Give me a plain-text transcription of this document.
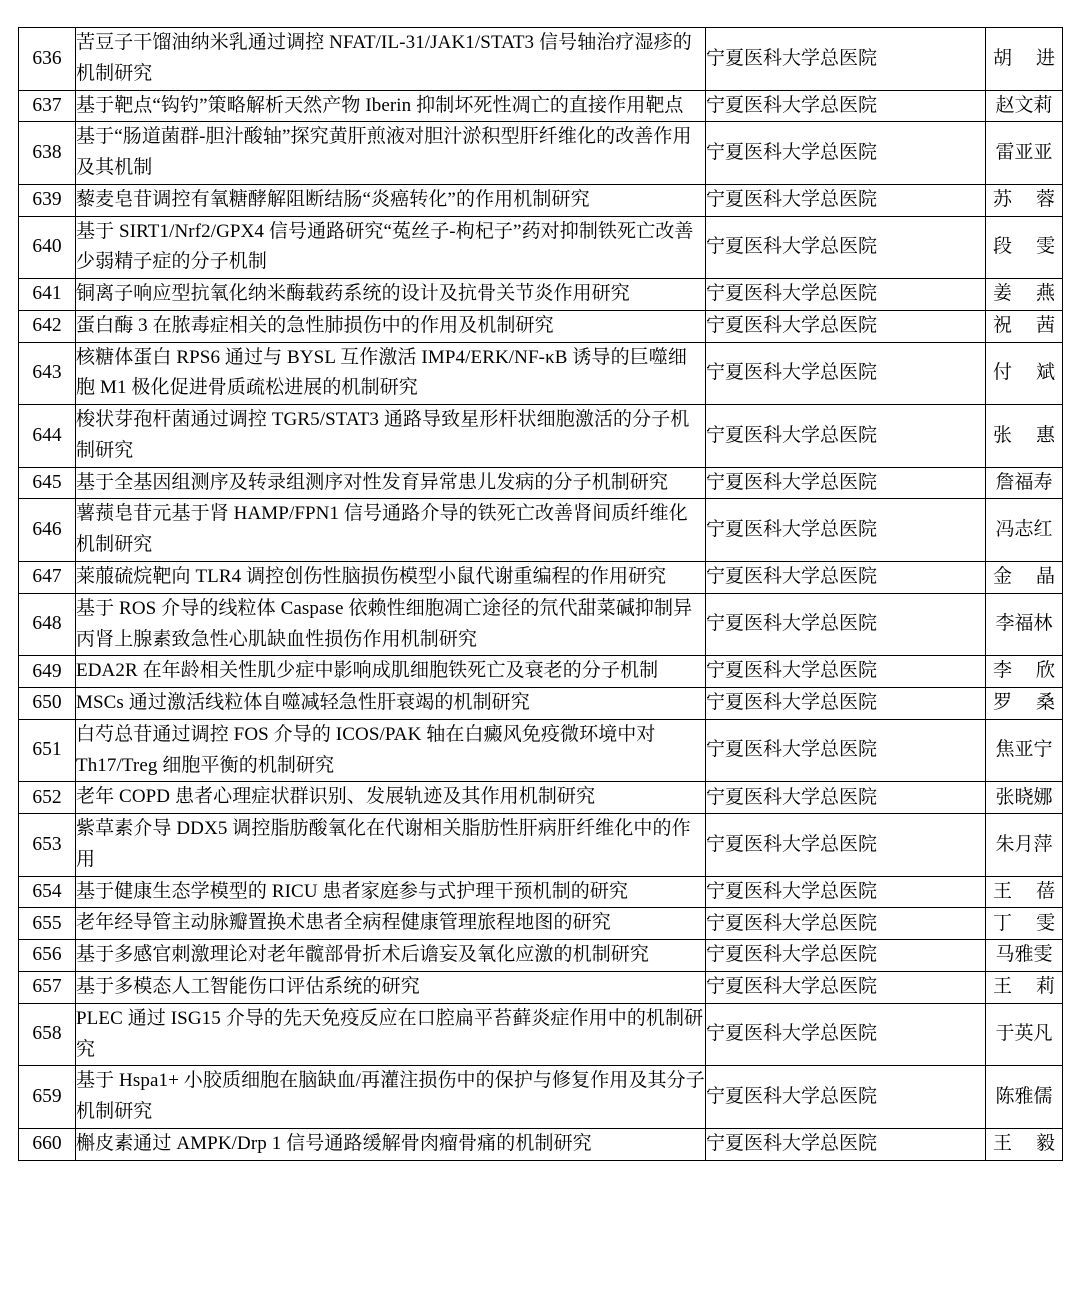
636	苦豆子干馏油纳米乳通过调控 NFAT/IL-31/JAK1/STAT3 信号轴治疗湿疹的机制研究	宁夏医科大学总医院	胡 进
637	基于靶点“钩钓”策略解析天然产物 Iberin 抑制坏死性凋亡的直接作用靶点	宁夏医科大学总医院	赵文莉
638	基于“肠道菌群-胆汁酸轴”探究黄肝煎液对胆汁淤积型肝纤维化的改善作用及其机制	宁夏医科大学总医院	雷亚亚
639	藜麦皂苷调控有氧糖酵解阻断结肠“炎癌转化”的作用机制研究	宁夏医科大学总医院	苏 蓉
640	基于 SIRT1/Nrf2/GPX4 信号通路研究“菟丝子-枸杞子”药对抑制铁死亡改善少弱精子症的分子机制	宁夏医科大学总医院	段 雯
641	铜离子响应型抗氧化纳米酶载药系统的设计及抗骨关节炎作用研究	宁夏医科大学总医院	姜 燕
642	蛋白酶 3 在脓毒症相关的急性肺损伤中的作用及机制研究	宁夏医科大学总医院	祝 茜
643	核糖体蛋白 RPS6 通过与 BYSL 互作激活 IMP4/ERK/NF-κB 诱导的巨噬细胞 M1 极化促进骨质疏松进展的机制研究	宁夏医科大学总医院	付 斌
644	梭状芽孢杆菌通过调控 TGR5/STAT3 通路导致星形杆状细胞激活的分子机制研究	宁夏医科大学总医院	张 惠
645	基于全基因组测序及转录组测序对性发育异常患儿发病的分子机制研究	宁夏医科大学总医院	詹福寿
646	薯蓣皂苷元基于肾 HAMP/FPN1 信号通路介导的铁死亡改善肾间质纤维化机制研究	宁夏医科大学总医院	冯志红
647	莱菔硫烷靶向 TLR4 调控创伤性脑损伤模型小鼠代谢重编程的作用研究	宁夏医科大学总医院	金 晶
648	基于 ROS 介导的线粒体 Caspase 依赖性细胞凋亡途径的氘代甜菜碱抑制异丙肾上腺素致急性心肌缺血性损伤作用机制研究	宁夏医科大学总医院	李福林
649	EDA2R 在年龄相关性肌少症中影响成肌细胞铁死亡及衰老的分子机制	宁夏医科大学总医院	李 欣
650	MSCs 通过激活线粒体自噬减轻急性肝衰竭的机制研究	宁夏医科大学总医院	罗 桑
651	白芍总苷通过调控 FOS 介导的 ICOS/PAK 轴在白癜风免疫微环境中对 Th17/Treg 细胞平衡的机制研究	宁夏医科大学总医院	焦亚宁
652	老年 COPD 患者心理症状群识别、发展轨迹及其作用机制研究	宁夏医科大学总医院	张晓娜
653	紫草素介导 DDX5 调控脂肪酸氧化在代谢相关脂肪性肝病肝纤维化中的作用	宁夏医科大学总医院	朱月萍
654	基于健康生态学模型的 RICU 患者家庭参与式护理干预机制的研究	宁夏医科大学总医院	王 蓓
655	老年经导管主动脉瓣置换术患者全病程健康管理旅程地图的研究	宁夏医科大学总医院	丁 雯
656	基于多感官刺激理论对老年髋部骨折术后谵妄及氧化应激的机制研究	宁夏医科大学总医院	马雅雯
657	基于多模态人工智能伤口评估系统的研究	宁夏医科大学总医院	王 莉
658	PLEC 通过 ISG15 介导的先天免疫反应在口腔扁平苔藓炎症作用中的机制研究	宁夏医科大学总医院	于英凡
659	基于 Hspa1+ 小胶质细胞在脑缺血/再灌注损伤中的保护与修复作用及其分子机制研究	宁夏医科大学总医院	陈雅儒
660	槲皮素通过 AMPK/Drp 1 信号通路缓解骨肉瘤骨痛的机制研究	宁夏医科大学总医院	王 毅
